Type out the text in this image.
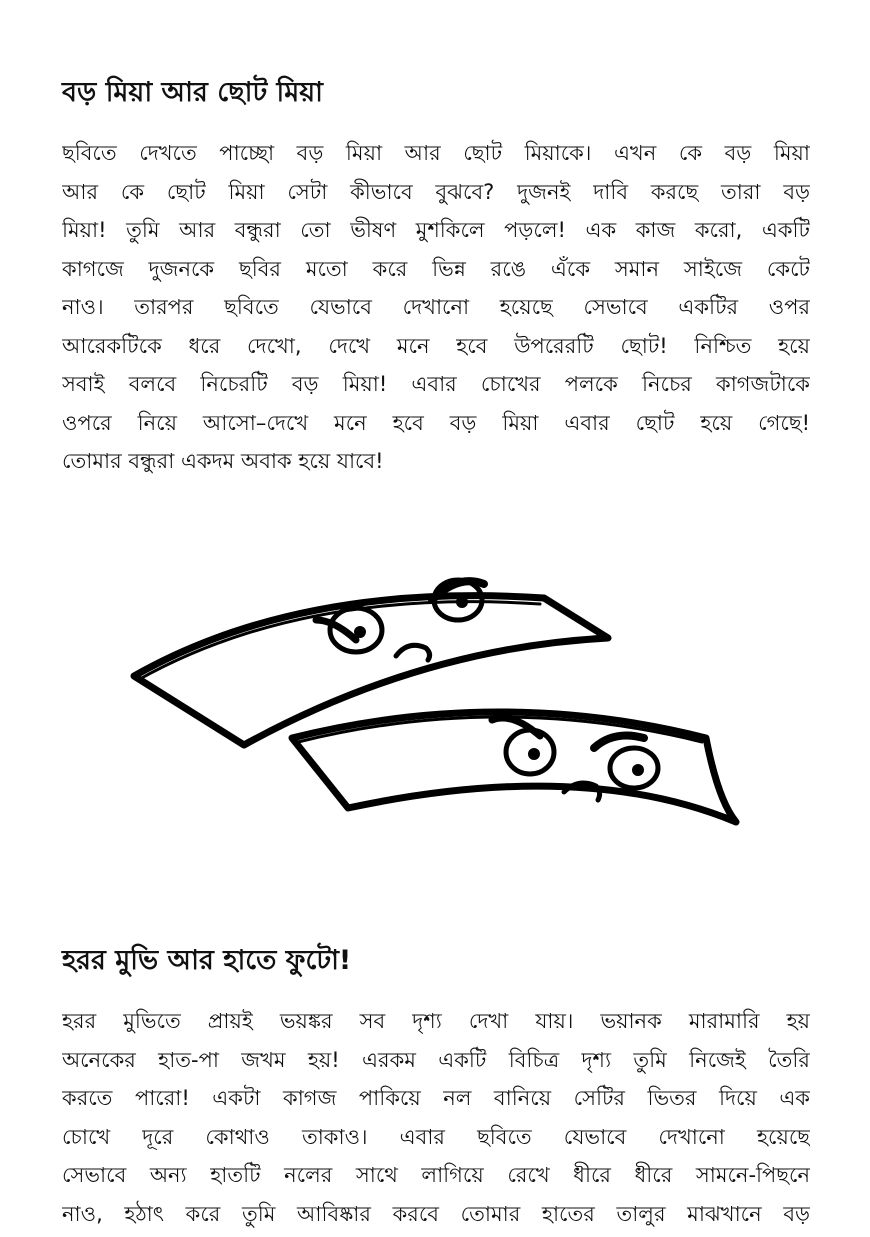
বড় মিয়া আর ছোট মিয়া
ছবিতে দেখতে পাচ্ছো বড় মিয়া আর ছোট মিয়াকে। এখন কে বড় মিয়া
আর কে ছোট মিয়া সেটা কীভাবে বুঝবে? দুজনই দাবি করছে তারা বড়
মিয়া! তুমি আর বন্ধুরা তো ভীষণ মুশকিলে পড়লে! এক কাজ করো, একটি
কাগজে দুজনকে ছবির মতো করে ভিন্ন রঙে এঁকে সমান সাইজে কেটে
নাও। তারপর ছবিতে যেভাবে দেখানো হয়েছে সেভাবে একটির ওপর
আরেকটিকে ধরে দেখো, দেখে মনে হবে উপরেরটি ছোট! নিশ্চিত হয়ে
সবাই বলবে নিচেরটি বড় মিয়া! এবার চোখের পলকে নিচের কাগজটাকে
ওপরে নিয়ে আসো–দেখে মনে হবে বড় মিয়া এবার ছোট হয়ে গেছে!
তোমার বন্ধুরা একদম অবাক হয়ে যাবে!
হরর মুভি আর হাতে ফুটো!
হরর মুভিতে প্রায়ই ভয়ঙ্কর সব দৃশ্য দেখা যায়। ভয়ানক মারামারি হয়
অনেকের হাত-পা জখম হয়! এরকম একটি বিচিত্র দৃশ্য তুমি নিজেই তৈরি
করতে পারো! একটা কাগজ পাকিয়ে নল বানিয়ে সেটির ভিতর দিয়ে এক
চোখে দূরে কোথাও তাকাও। এবার ছবিতে যেভাবে দেখানো হয়েছে
সেভাবে অন্য হাতটি নলের সাথে লাগিয়ে রেখে ধীরে ধীরে সামনে-পিছনে
নাও, হঠাৎ করে তুমি আবিষ্কার করবে তোমার হাতের তালুর মাঝখানে বড়
